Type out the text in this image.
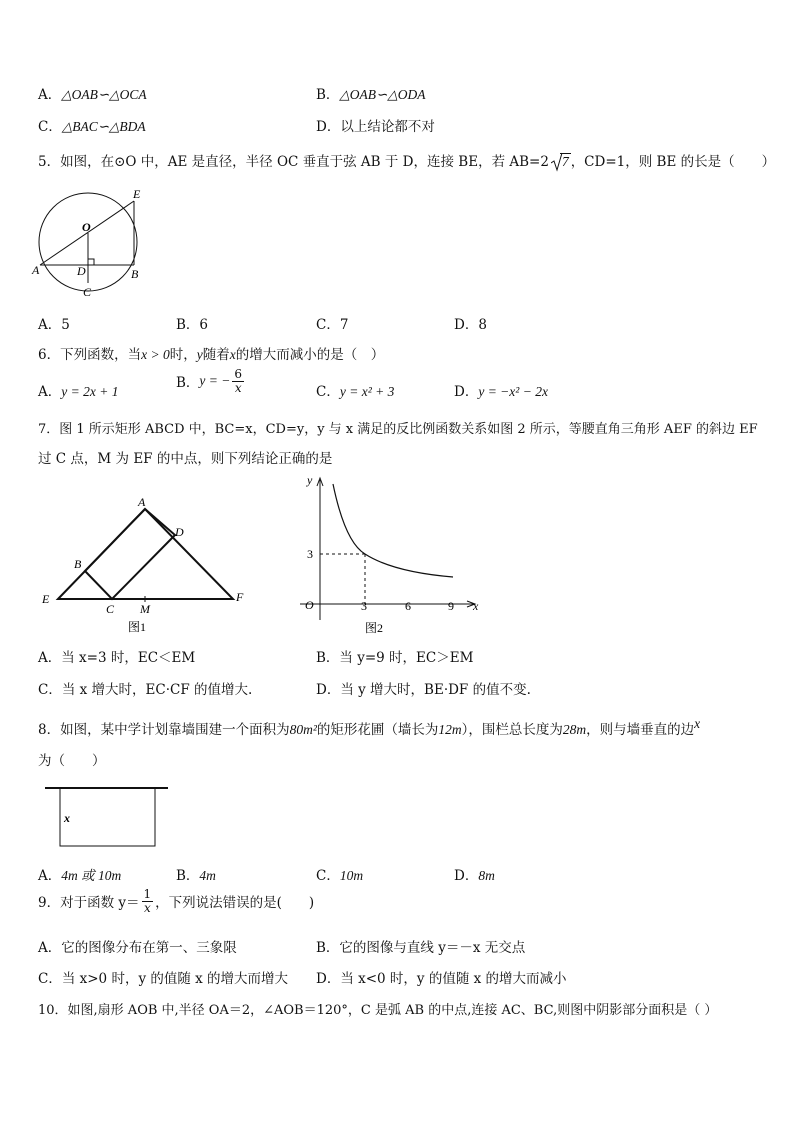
A．△OAB∽△OCA	B．△OAB∽△ODA
C．△BAC∽△BDA	D．以上结论都不对
5．如图，在⊙O 中，AE 是直径，半径 OC 垂直于弦 AB 于 D，连接 BE，若 AB=2 7 ，CD=1，则 BE 的长是（　　）
A
E
B
O
D
C
A．5	B．6	C．7	D．8
6．下列函数，当x > 0时，y随着x的增大而减小的是（　）
A．y = 2x + 1
B．y = − $\frac{6}{x}$	C．y = x² + 3	D．y = −x² − 2x
7．图 1 所示矩形 ABCD 中，BC=x，CD=y，y 与 x 满足的反比例函数关系如图 2 所示，等腰直角三角形 AEF 的斜边 EF
过 C 点，M 为 EF 的中点，则下列结论正确的是
A
D
B
E	F
C M
图1
y
x
O
3
3	6	9
图2
A．当 x=3 时，EC＜EM	B．当 y=9 时，EC＞EM
C．当 x 增大时，EC·CF 的值增大.	D．当 y 增大时，BE·DF 的值不变.
8．如图，某中学计划靠墙围建一个面积为80m²的矩形花圃（墙长为12m），围栏总长度为28m，则与墙垂直的边x
为（　　）
x
A．4m 或 10m	B．4m	C．10m	D．8m
9．对于函数 $y= \frac{1}{x}$ ，下列说法错误的是(　　)
A．它的图像分布在第一、三象限	B．它的图像与直线 y＝－x 无交点
C．当 x>0 时，y 的值随 x 的增大而增大 D．当 x<0 时，y 的值随 x 的增大而减小
10．如图,扇形 AOB 中,半径 OA＝2，∠AOB＝120°，C 是弧 AB 的中点,连接 AC、BC,则图中阴影部分面积是（ ）
